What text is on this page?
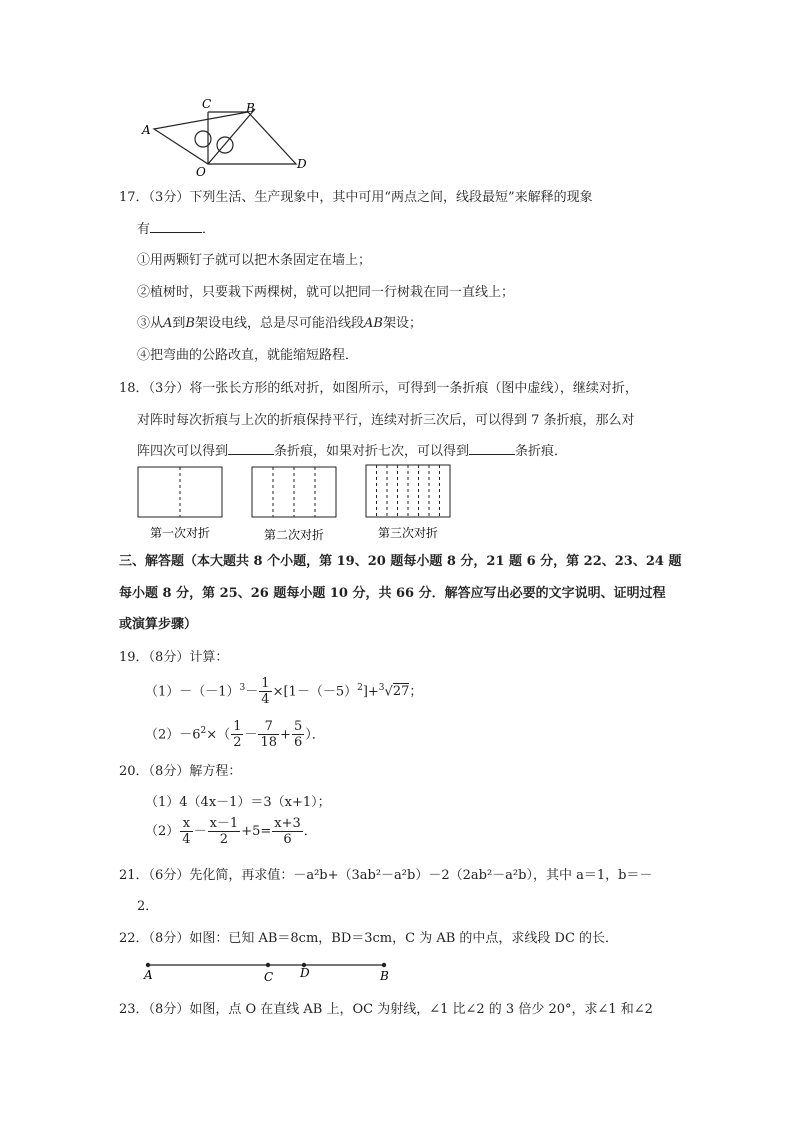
C	B
A
O
D
17．（3分）下列生活、生产现象中，其中可用“两点之间，线段最短”来解释的现象
有	．
①用两颗钉子就可以把木条固定在墙上；
②植树时，只要栽下两棵树，就可以把同一行树栽在同一直线上；
③从A到B架设电线，总是尽可能沿线段AB架设；
④把弯曲的公路改直，就能缩短路程．
18．（3分）将一张长方形的纸对折，如图所示，可得到一条折痕（图中虚线），继续对折，
对阵时每次折痕与上次的折痕保持平行，连续对折三次后，可以得到 7 条折痕，那么对
阵四次可以得到	条折痕，如果对折七次，可以得到	条折痕．
第一次对折	第二次对折	第三次对折
三、解答题（本大题共 8 个小题，第 19、20 题每小题 8 分，21 题 6 分，第 22、23、24 题
每小题 8 分，第 25、26 题每小题 10 分，共 66 分．解答应写出必要的文字说明、证明过程
或演算步骤）
19．（8分）计算：
$(1)-(-1)^3- \frac{1}{4} \times[1-(-5)^2]+^3√27$；
$(2)-6^2\times( \frac{1}{2} - \frac{7}{18} + \frac{5}{6}$ ）．
20．（8分）解方程：
（1）4（4x－1）＝3（x+1）；
$(2) \frac{x}{4} - \frac{x-1}{2} +5= \frac{x+3}{6}$ ．
21．（6分）先化简，再求值：－a²b+（3ab²－a²b）－2（2ab²－a²b），其中 a＝1，b＝－
2．
22．（8分）如图：已知 AB＝8cm，BD＝3cm，C 为 AB 的中点，求线段 DC 的长．
A	C D	B
23．（8分）如图，点 O 在直线 AB 上，OC 为射线，∠1 比∠2 的 3 倍少 20°，求∠1 和∠2
